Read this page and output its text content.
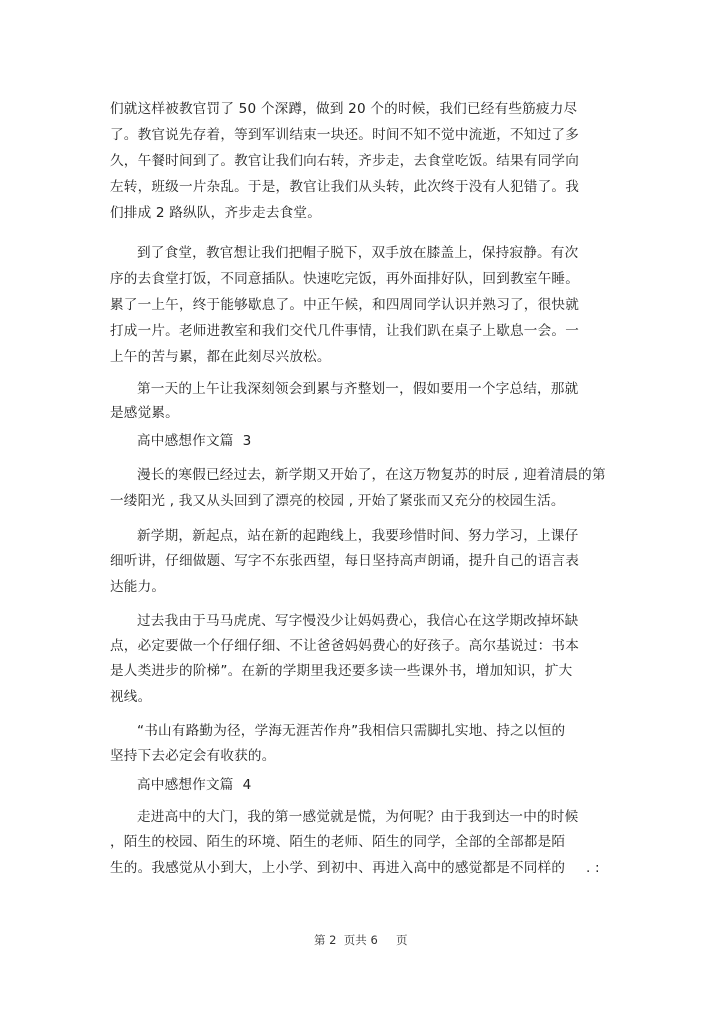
们就这样被教官罚了 50 个深蹲，做到 20 个的时候，我们已经有些筋疲力尽
了。教官说先存着，等到军训结束一块还。时间不知不觉中流逝，不知过了多
久，午餐时间到了。教官让我们向右转，齐步走，去食堂吃饭。结果有同学向
左转，班级一片杂乱。于是，教官让我们从头转，此次终于没有人犯错了。我
们排成 2 路纵队，齐步走去食堂。
到了食堂，教官想让我们把帽子脱下，双手放在膝盖上，保持寂静。有次
序的去食堂打饭，不同意插队。快速吃完饭，再外面排好队，回到教室午睡。
累了一上午，终于能够歇息了。中正午候，和四周同学认识并熟习了，很快就
打成一片。老师进教室和我们交代几件事情，让我们趴在桌子上歇息一会。一
上午的苦与累，都在此刻尽兴放松。
第一天的上午让我深刻领会到累与齐整划一，假如要用一个字总结，那就
是感觉累。
高中感想作文篇  3
漫长的寒假已经过去，新学期又开始了，在这万物复苏的时辰 , 迎着清晨的第
一缕阳光 , 我又从头回到了漂亮的校园 , 开始了紧张而又充分的校园生活。
新学期，新起点，站在新的起跑线上，我要珍惜时间、努力学习，上课仔
细听讲，仔细做题、写字不东张西望，每日坚持高声朗诵，提升自己的语言表
达能力。
过去我由于马马虎虎、写字慢没少让妈妈费心，我信心在这学期改掉坏缺
点，必定要做一个仔细仔细、不让爸爸妈妈费心的好孩子。高尔基说过：书本
是人类进步的阶梯”。在新的学期里我还要多读一些课外书，增加知识，扩大
视线。
“书山有路勤为径，学海无涯苦作舟”我相信只需脚扎实地、持之以恒的
坚持下去必定会有收获的。
高中感想作文篇  4
走进高中的大门，我的第一感觉就是慌，为何呢？由于我到达一中的时候
，陌生的校园、陌生的环境、陌生的老师、陌生的同学，全部的全部都是陌
生的。我感觉从小到大，上小学、到初中、再进入高中的感觉都是不同样的 . :
第 2  页共 6 页
